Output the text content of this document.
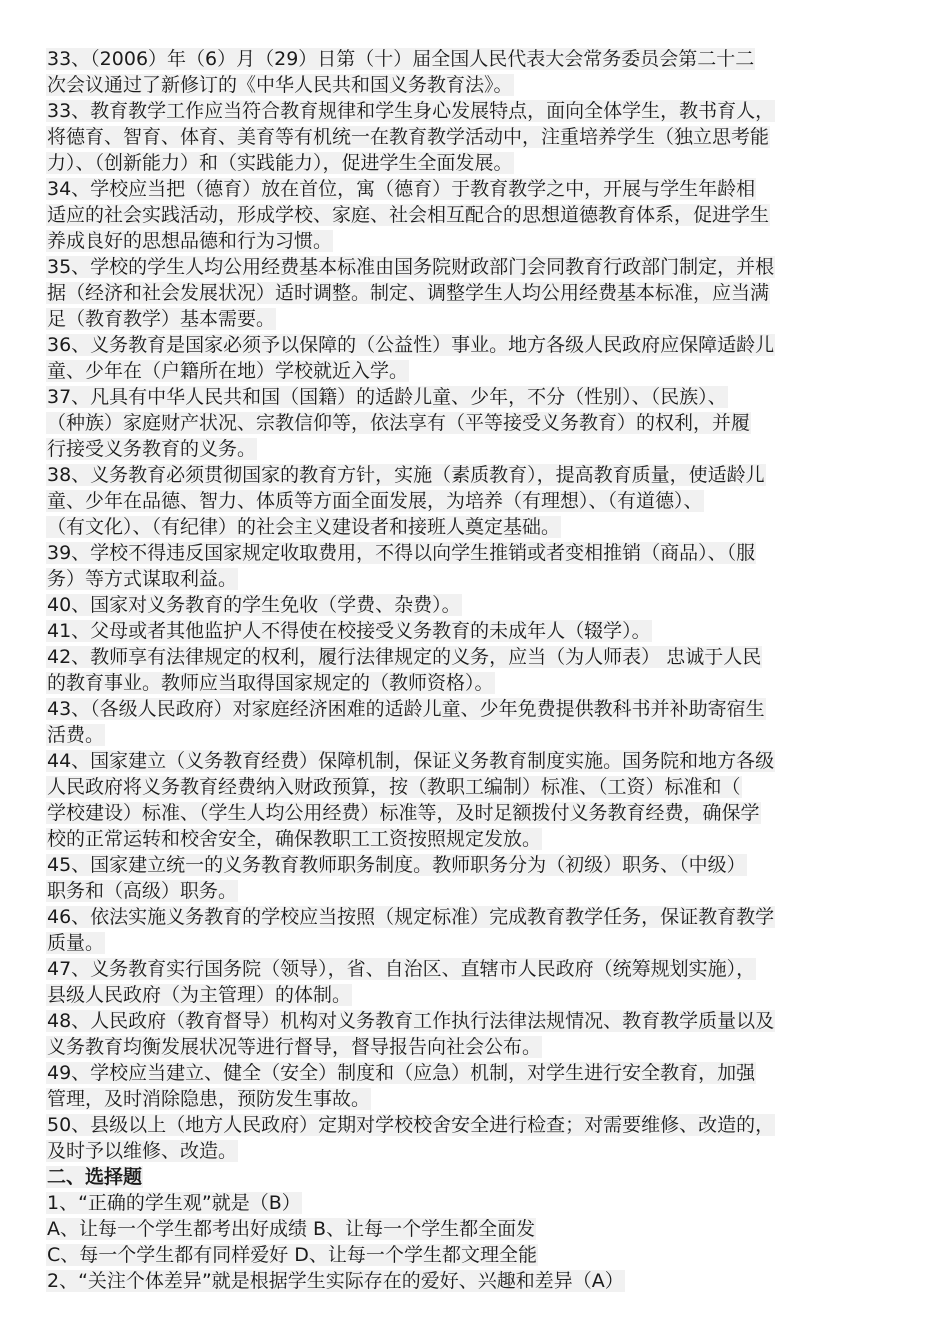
33、（2006）年（6）月（29）日第（十）届全国人民代表大会常务委员会第二十二
次会议通过了新修订的《中华人民共和国义务教育法》。
33、教育教学工作应当符合教育规律和学生身心发展特点，面向全体学生，教书育人，
将德育、智育、体育、美育等有机统一在教育教学活动中，注重培养学生（独立思考能
力）、（创新能力）和（实践能力），促进学生全面发展。
34、学校应当把（德育）放在首位，寓（德育）于教育教学之中，开展与学生年龄相
适应的社会实践活动，形成学校、家庭、社会相互配合的思想道德教育体系，促进学生
养成良好的思想品德和行为习惯。
35、学校的学生人均公用经费基本标准由国务院财政部门会同教育行政部门制定，并根
据（经济和社会发展状况）适时调整。制定、调整学生人均公用经费基本标准，应当满
足（教育教学）基本需要。
36、义务教育是国家必须予以保障的（公益性）事业。地方各级人民政府应保障适龄儿
童、少年在（户籍所在地）学校就近入学。
37、凡具有中华人民共和国（国籍）的适龄儿童、少年，不分（性别）、（民族）、
（种族）家庭财产状况、宗教信仰等，依法享有（平等接受义务教育）的权利，并履
行接受义务教育的义务。
38、义务教育必须贯彻国家的教育方针，实施（素质教育），提高教育质量，使适龄儿
童、少年在品德、智力、体质等方面全面发展，为培养（有理想）、（有道德）、
（有文化）、（有纪律）的社会主义建设者和接班人奠定基础。
39、学校不得违反国家规定收取费用，不得以向学生推销或者变相推销（商品）、（服
务）等方式谋取利益。
40、国家对义务教育的学生免收（学费、杂费）。
41、父母或者其他监护人不得使在校接受义务教育的未成年人（辍学）。
42、教师享有法律规定的权利，履行法律规定的义务，应当（为人师表） 忠诚于人民
的教育事业。教师应当取得国家规定的（教师资格）。
43、（各级人民政府）对家庭经济困难的适龄儿童、少年免费提供教科书并补助寄宿生
活费。
44、国家建立（义务教育经费）保障机制，保证义务教育制度实施。国务院和地方各级
人民政府将义务教育经费纳入财政预算，按（教职工编制）标准、（工资）标准和（
学校建设）标准、（学生人均公用经费）标准等，及时足额拨付义务教育经费，确保学
校的正常运转和校舍安全，确保教职工工资按照规定发放。
45、国家建立统一的义务教育教师职务制度。教师职务分为（初级）职务、（中级）
职务和（高级）职务。
46、依法实施义务教育的学校应当按照（规定标准）完成教育教学任务，保证教育教学
质量。
47、义务教育实行国务院（领导），省、自治区、直辖市人民政府（统筹规划实施），
县级人民政府（为主管理）的体制。
48、人民政府（教育督导）机构对义务教育工作执行法律法规情况、教育教学质量以及
义务教育均衡发展状况等进行督导，督导报告向社会公布。
49、学校应当建立、健全（安全）制度和（应急）机制，对学生进行安全教育，加强
管理，及时消除隐患，预防发生事故。
50、县级以上（地方人民政府）定期对学校校舍安全进行检查；对需要维修、改造的，
及时予以维修、改造。
二、选择题
1、“正确的学生观”就是（B）
A、让每一个学生都考出好成绩 B、让每一个学生都全面发
C、每一个学生都有同样爱好 D、让每一个学生都文理全能
2、“关注个体差异”就是根据学生实际存在的爱好、兴趣和差异（A）
